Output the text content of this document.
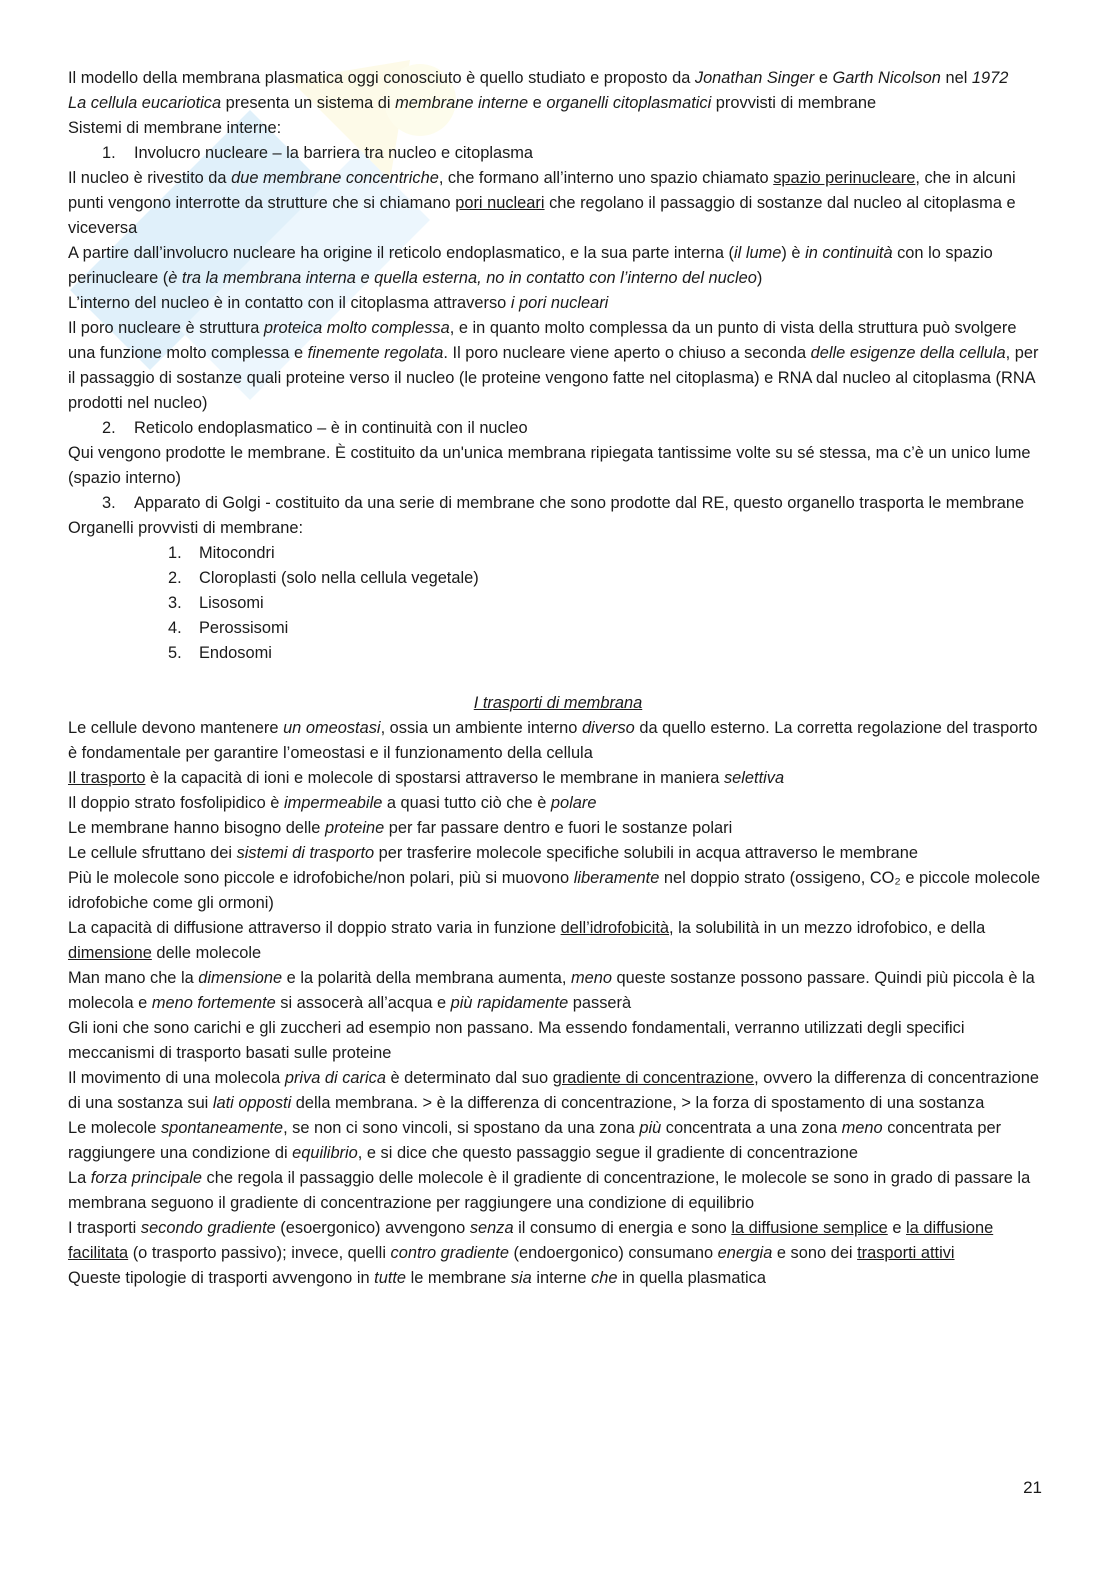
Il modello della membrana plasmatica oggi conosciuto è quello studiato e proposto da Jonathan Singer e Garth Nicolson nel 1972

La cellula eucariotica presenta un sistema di membrane interne e organelli citoplasmatici provvisti di membrane

Sistemi di membrane interne:

1. Involucro nucleare – la barriera tra nucleo e citoplasma

Il nucleo è rivestito da due membrane concentriche, che formano all’interno uno spazio chiamato spazio perinucleare, che in alcuni punti vengono interrotte da strutture che si chiamano pori nucleari che regolano il passaggio di sostanze dal nucleo al citoplasma e viceversa

A partire dall’involucro nucleare ha origine il reticolo endoplasmatico, e la sua parte interna (il lume) è in continuità con lo spazio perinucleare (è tra la membrana interna e quella esterna, no in contatto con l’interno del nucleo)

L’interno del nucleo è in contatto con il citoplasma attraverso i pori nucleari

Il poro nucleare è struttura proteica molto complessa, e in quanto molto complessa da un punto di vista della struttura può svolgere una funzione molto complessa e finemente regolata. Il poro nucleare viene aperto o chiuso a seconda delle esigenze della cellula, per il passaggio di sostanze quali proteine verso il nucleo (le proteine vengono fatte nel citoplasma) e RNA dal nucleo al citoplasma (RNA prodotti nel nucleo)

2. Reticolo endoplasmatico – è in continuità con il nucleo

Qui vengono prodotte le membrane. È costituito da un'unica membrana ripiegata tantissime volte su sé stessa, ma c’è un unico lume (spazio interno)

3. Apparato di Golgi - costituito da una serie di membrane che sono prodotte dal RE, questo organello trasporta le membrane

Organelli provvisti di membrane:

1. Mitocondri
2. Cloroplasti (solo nella cellula vegetale)
3. Lisosomi
4. Perossisomi
5. Endosomi

I trasporti di membrana

Le cellule devono mantenere un omeostasi, ossia un ambiente interno diverso da quello esterno. La corretta regolazione del trasporto è fondamentale per garantire l’omeostasi e il funzionamento della cellula

Il trasporto è la capacità di ioni e molecole di spostarsi attraverso le membrane in maniera selettiva

Il doppio strato fosfolipidico è impermeabile a quasi tutto ciò che è polare

Le membrane hanno bisogno delle proteine per far passare dentro e fuori le sostanze polari

Le cellule sfruttano dei sistemi di trasporto per trasferire molecole specifiche solubili in acqua attraverso le membrane

Più le molecole sono piccole e idrofobiche/non polari, più si muovono liberamente nel doppio strato (ossigeno, CO₂ e piccole molecole idrofobiche come gli ormoni)

La capacità di diffusione attraverso il doppio strato varia in funzione dell’idrofobicità, la solubilità in un mezzo idrofobico, e della dimensione delle molecole

Man mano che la dimensione e la polarità della membrana aumenta, meno queste sostanze possono passare. Quindi più piccola è la molecola e meno fortemente si assocerà all’acqua e più rapidamente passerà

Gli ioni che sono carichi e gli zuccheri ad esempio non passano. Ma essendo fondamentali, verranno utilizzati degli specifici meccanismi di trasporto basati sulle proteine

Il movimento di una molecola priva di carica è determinato dal suo gradiente di concentrazione, ovvero la differenza di concentrazione di una sostanza sui lati opposti della membrana. > è la differenza di concentrazione, > la forza di spostamento di una sostanza

Le molecole spontaneamente, se non ci sono vincoli, si spostano da una zona più concentrata a una zona meno concentrata per raggiungere una condizione di equilibrio, e si dice che questo passaggio segue il gradiente di concentrazione

La forza principale che regola il passaggio delle molecole è il gradiente di concentrazione, le molecole se sono in grado di passare la membrana seguono il gradiente di concentrazione per raggiungere una condizione di equilibrio

I trasporti secondo gradiente (esoergonico) avvengono senza il consumo di energia e sono la diffusione semplice e la diffusione facilitata (o trasporto passivo); invece, quelli contro gradiente (endoergonico) consumano energia e sono dei trasporti attivi

Queste tipologie di trasporti avvengono in tutte le membrane sia interne che in quella plasmatica

21
